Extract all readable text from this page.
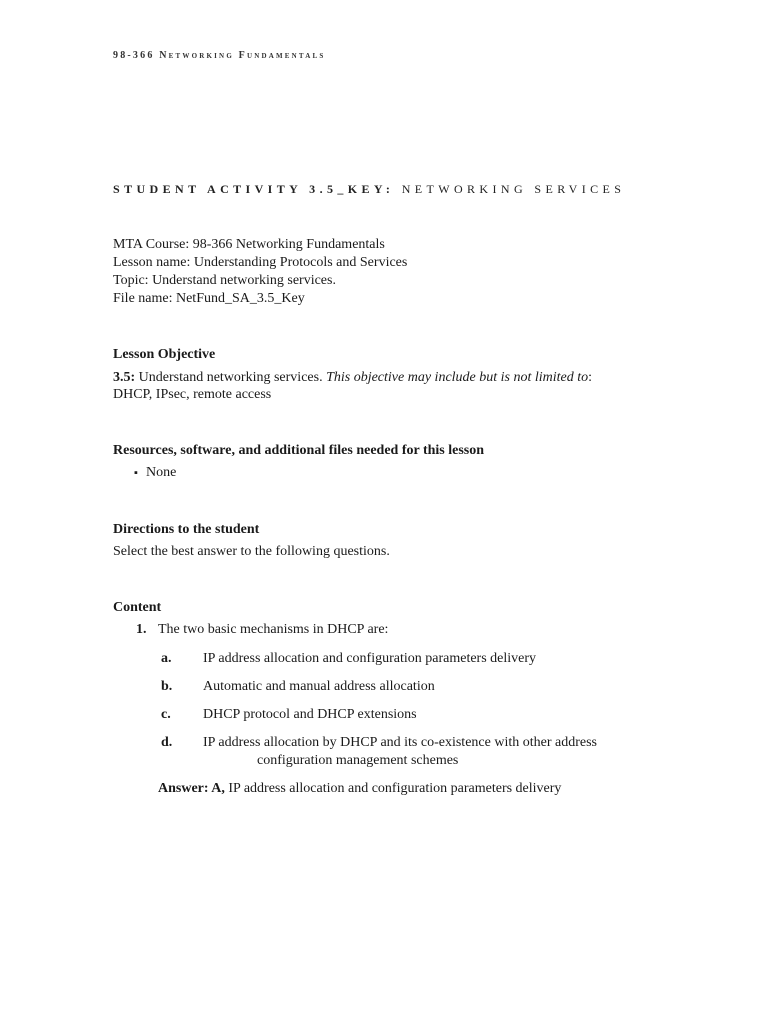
98-366 Networking Fundamentals
STUDENT ACTIVITY 3.5_KEY: NETWORKING SERVICES
MTA Course: 98-366 Networking Fundamentals
Lesson name: Understanding Protocols and Services
Topic: Understand networking services.
File name: NetFund_SA_3.5_Key
Lesson Objective
3.5: Understand networking services. This objective may include but is not limited to:
DHCP, IPsec, remote access
Resources, software, and additional files needed for this lesson
▪ None
Directions to the student
Select the best answer to the following questions.
Content
1. The two basic mechanisms in DHCP are:
a.	IP address allocation and configuration parameters delivery
b.	Automatic and manual address allocation
c.	DHCP protocol and DHCP extensions
d.	IP address allocation by DHCP and its co-existence with other address
configuration management schemes
Answer: A, IP address allocation and configuration parameters delivery
